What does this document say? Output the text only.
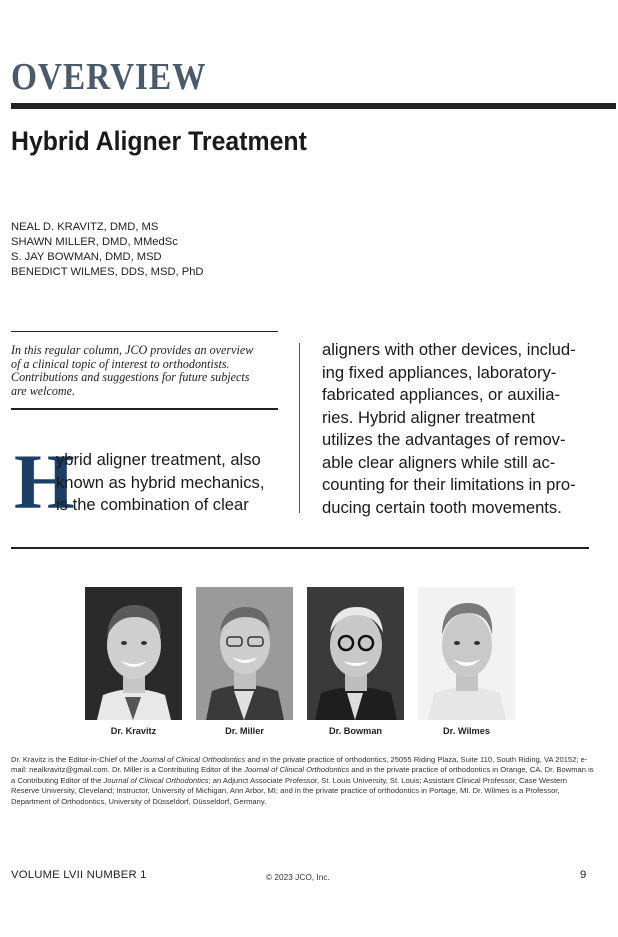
OVERVIEW
Hybrid Aligner Treatment
NEAL D. KRAVITZ, DMD, MS
SHAWN MILLER, DMD, MMedSc
S. JAY BOWMAN, DMD, MSD
BENEDICT WILMES, DDS, MSD, PhD
In this regular column, JCO provides an overview
of a clinical topic of interest to orthodontists.
Contributions and suggestions for future subjects
are welcome.
H
ybrid aligner treatment, also
known as hybrid mechanics,
is the combination of clear
aligners with other devices, includ-
ing fixed appliances, laboratory-
fabricated appliances, or auxilia-
ries. Hybrid aligner treatment
utilizes the advantages of remov-
able clear aligners while still ac-
counting for their limitations in pro-
ducing certain tooth movements.
Dr. Kravitz	Dr. Miller	Dr. Bowman	Dr. Wilmes
Dr. Kravitz is the Editor-in-Chief of the Journal of Clinical Orthodontics and in the private practice of orthodontics, 25055 Riding Plaza, Suite 110, South Riding, VA 20152; e-mail: nealkravitz@gmail.com. Dr. Miller is a Contributing Editor of the Journal of Clinical Orthodontics and in the private practice of orthodontics in Orange, CA. Dr. Bowman is a Contributing Editor of the Journal of Clinical Orthodontics; an Adjunct Associate Professor, St. Louis University, St. Louis; Assistant Clinical Professor, Case Western Reserve University, Cleveland; Instructor, University of Michigan, Ann Arbor, MI; and in the private practice of orthodontics in Portage, MI. Dr. Wilmes is a Professor, Department of Orthodontics, University of Düsseldorf, Düsseldorf, Germany.
VOLUME LVII NUMBER 1	© 2023 JCO, Inc.	9
